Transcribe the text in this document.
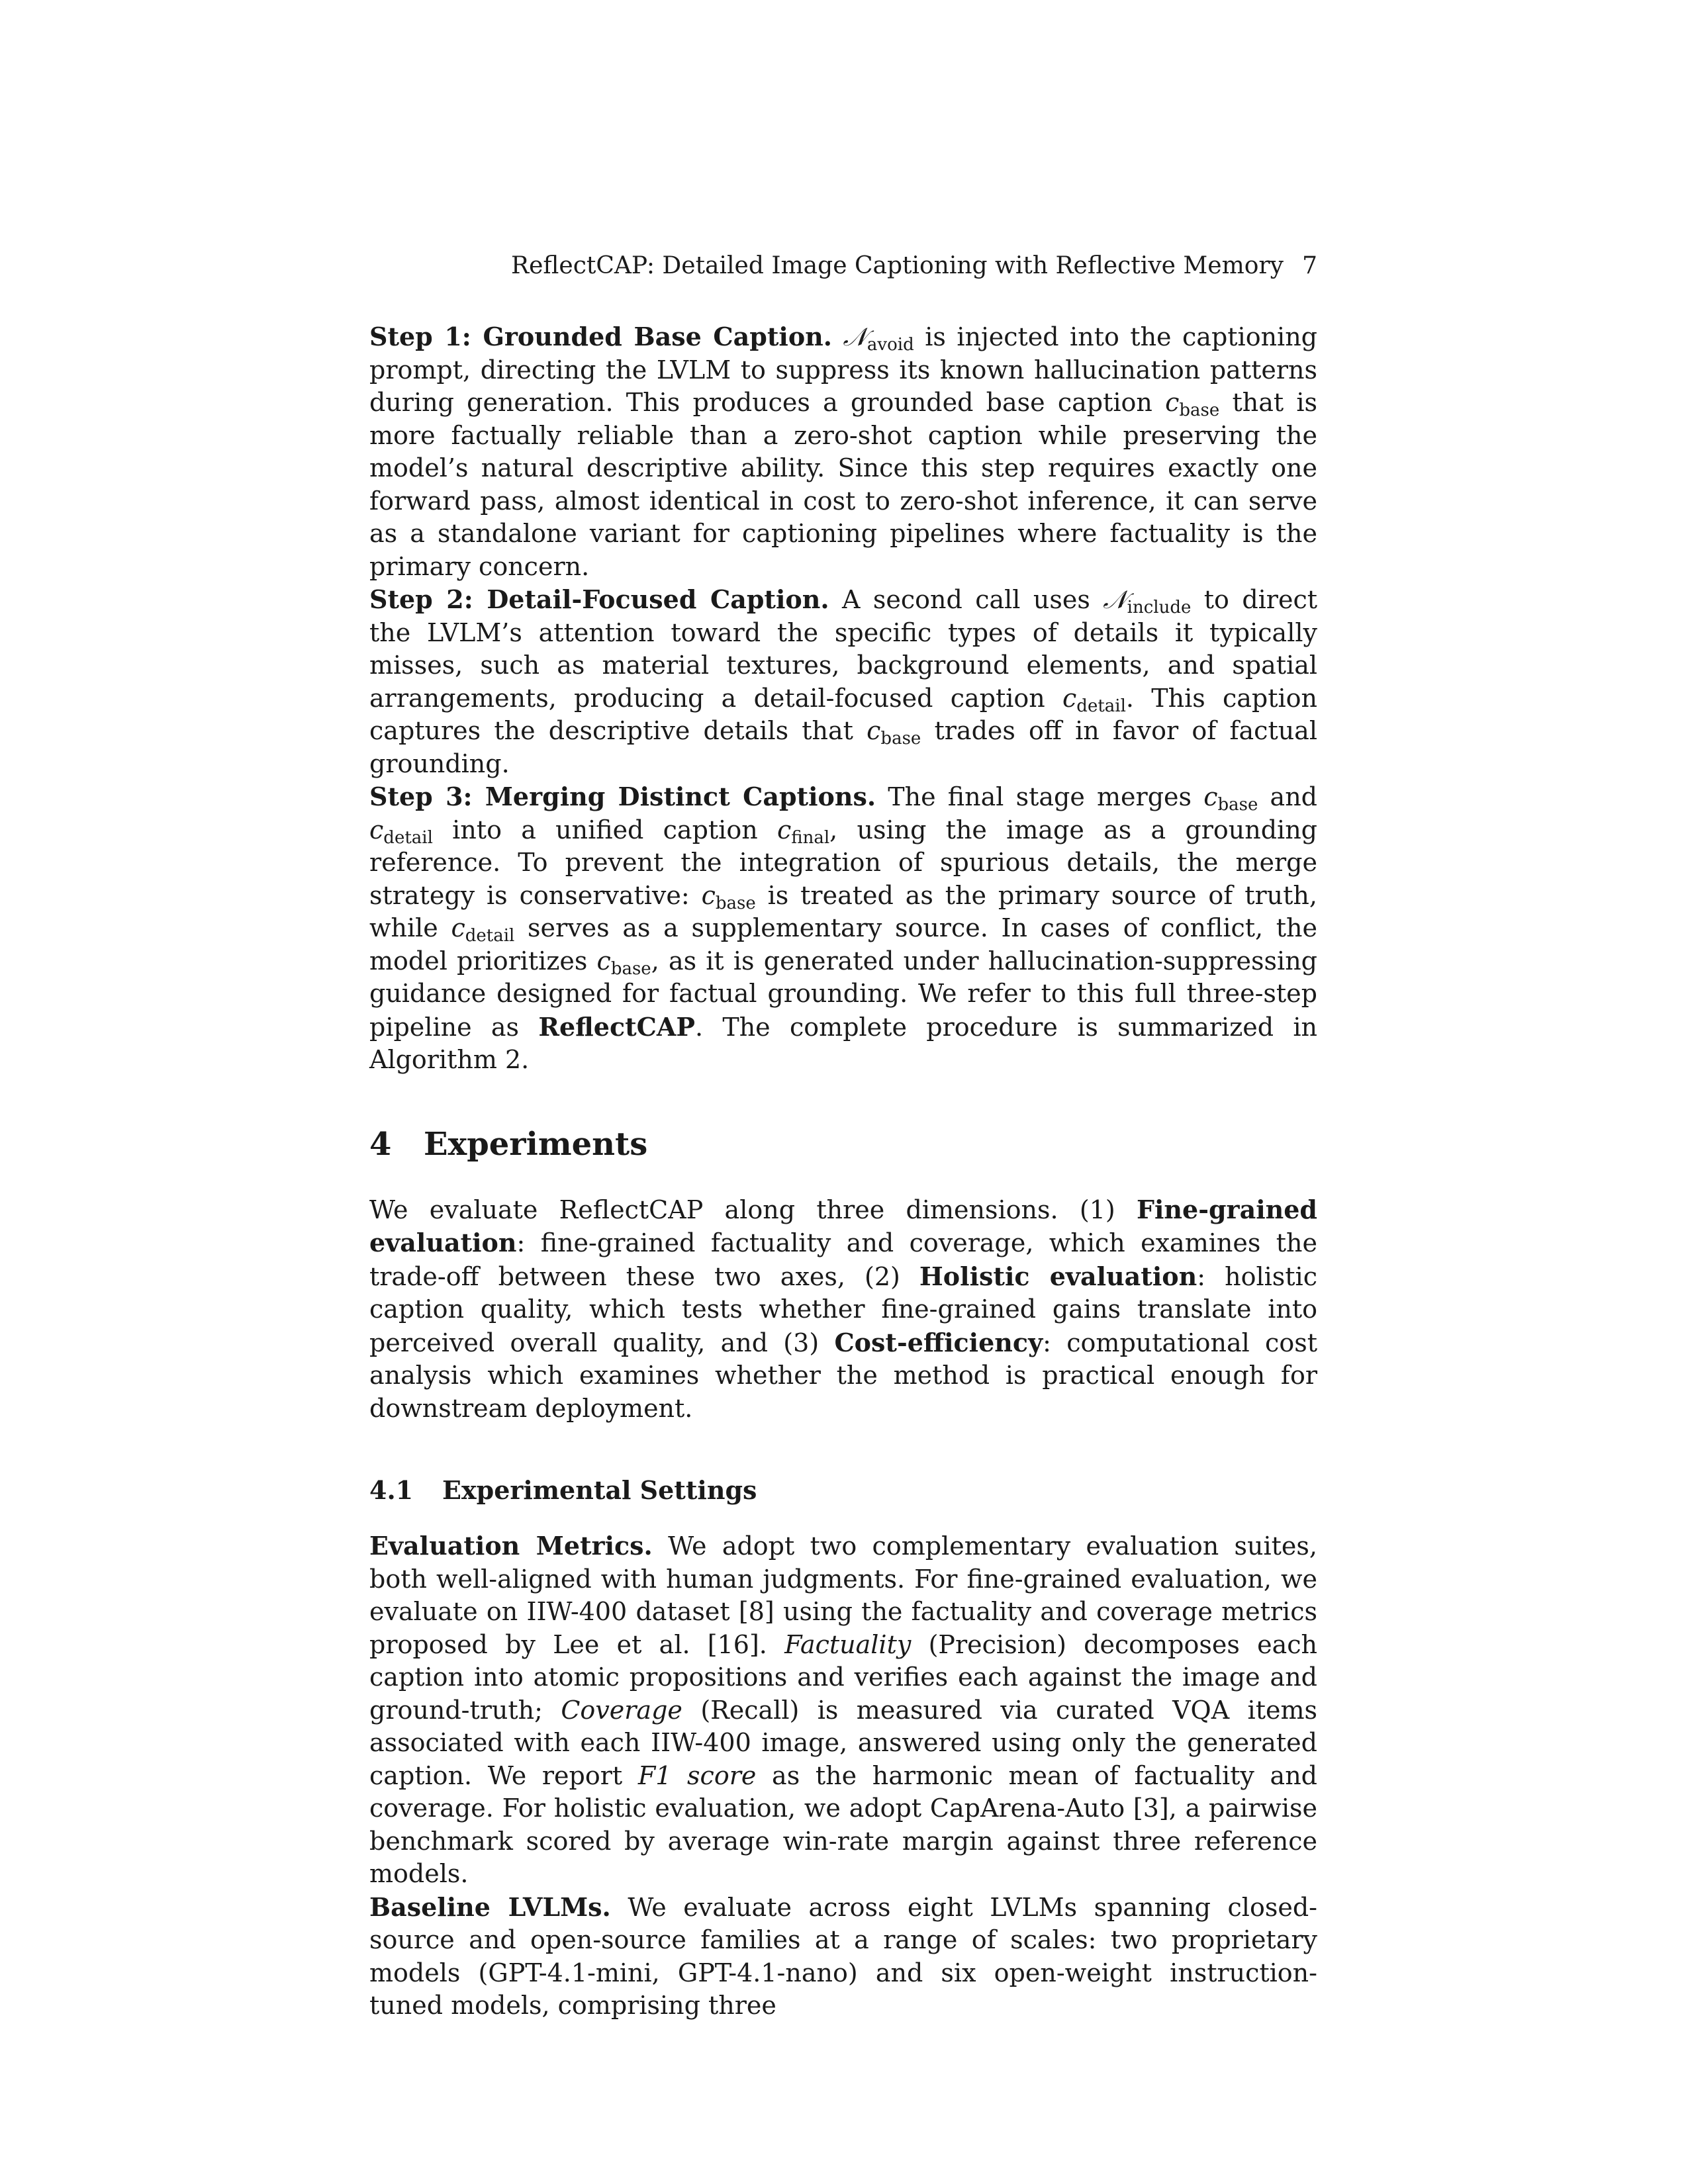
ReflectCAP: Detailed Image Captioning with Reflective Memory 7

Step 1: Grounded Base Caption. 𝒩$_{avoid}$ is injected into the captioning prompt, directing the LVLM to suppress its known hallucination patterns during generation. This produces a grounded base caption $c_{base}$ that is more factually reliable than a zero-shot caption while preserving the model’s natural descriptive ability. Since this step requires exactly one forward pass, almost identical in cost to zero-shot inference, it can serve as a standalone variant for captioning pipelines where factuality is the primary concern.

Step 2: Detail-Focused Caption. A second call uses 𝒩$_{include}$ to direct the LVLM’s attention toward the specific types of details it typically misses, such as material textures, background elements, and spatial arrangements, producing a detail-focused caption $c_{detail}$. This caption captures the descriptive details that $c_{base}$ trades off in favor of factual grounding.

Step 3: Merging Distinct Captions. The final stage merges $c_{base}$ and $c_{detail}$ into a unified caption $c_{final}$, using the image as a grounding reference. To prevent the integration of spurious details, the merge strategy is conservative: $c_{base}$ is treated as the primary source of truth, while $c_{detail}$ serves as a supplementary source. In cases of conflict, the model prioritizes $c_{base}$, as it is generated under hallucination-suppressing guidance designed for factual grounding. We refer to this full three-step pipeline as ReflectCAP. The complete procedure is summarized in Algorithm 2.

4 Experiments

We evaluate ReflectCAP along three dimensions. (1) Fine-grained evaluation: fine-grained factuality and coverage, which examines the trade-off between these two axes, (2) Holistic evaluation: holistic caption quality, which tests whether fine-grained gains translate into perceived overall quality, and (3) Cost-efficiency: computational cost analysis which examines whether the method is practical enough for downstream deployment.

4.1 Experimental Settings

Evaluation Metrics. We adopt two complementary evaluation suites, both well-aligned with human judgments. For fine-grained evaluation, we evaluate on IIW-400 dataset [8] using the factuality and coverage metrics proposed by Lee et al. [16]. Factuality (Precision) decomposes each caption into atomic propositions and verifies each against the image and ground-truth; Coverage (Recall) is measured via curated VQA items associated with each IIW-400 image, answered using only the generated caption. We report F1 score as the harmonic mean of factuality and coverage. For holistic evaluation, we adopt CapArena-Auto [3], a pairwise benchmark scored by average win-rate margin against three reference models.

Baseline LVLMs. We evaluate across eight LVLMs spanning closed-source and open-source families at a range of scales: two proprietary models (GPT-4.1-mini, GPT-4.1-nano) and six open-weight instruction-tuned models, comprising three
